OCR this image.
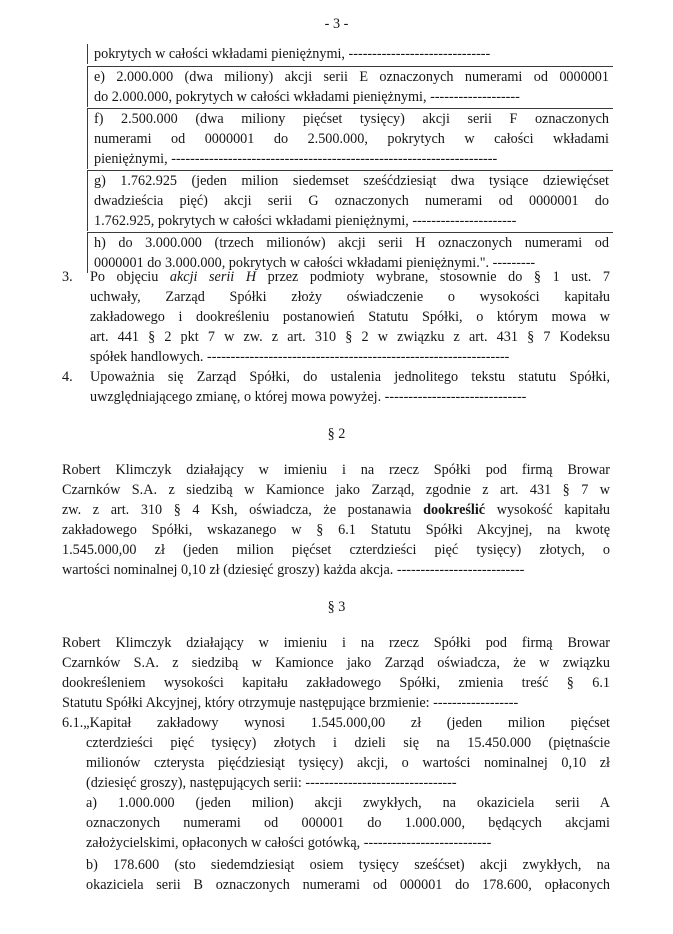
- 3 -
pokrytych w całości wkładami pieniężnymi, ------------------------------
e) 2.000.000 (dwa miliony) akcji serii E oznaczonych numerami od 0000001
do 2.000.000, pokrytych w całości wkładami pieniężnymi, -------------------
f) 2.500.000 (dwa miliony pięćset tysięcy) akcji serii F oznaczonych
numerami od 0000001 do 2.500.000, pokrytych w całości wkładami
pieniężnymi, ---------------------------------------------------------------------
g) 1.762.925 (jeden milion siedemset sześćdziesiąt dwa tysiące dziewięćset
dwadzieścia pięć) akcji serii G oznaczonych numerami od 0000001 do
1.762.925, pokrytych w całości wkładami pieniężnymi, ----------------------
h) do 3.000.000 (trzech milionów) akcji serii H oznaczonych numerami od
0000001 do 3.000.000, pokrytych w całości wkładami pieniężnymi.". ---------
3. Po objęciu akcji serii H przez podmioty wybrane, stosownie do § 1 ust. 7
uchwały, Zarząd Spółki złoży oświadczenie o wysokości kapitału
zakładowego i dookreśleniu postanowień Statutu Spółki, o którym mowa w
art. 441 § 2 pkt 7 w zw. z art. 310 § 2 w związku z art. 431 § 7 Kodeksu
spółek handlowych. ----------------------------------------------------------------
4. Upoważnia się Zarząd Spółki, do ustalenia jednolitego tekstu statutu Spółki,
uwzględniającego zmianę, o której mowa powyżej. ------------------------------
§ 2
Robert Klimczyk działający w imieniu i na rzecz Spółki pod firmą Browar
Czarnków S.A. z siedzibą w Kamionce jako Zarząd, zgodnie z art. 431 § 7 w
zw. z art. 310 § 4 Ksh, oświadcza, że postanawia dookreślić wysokość kapitału
zakładowego Spółki, wskazanego w § 6.1 Statutu Spółki Akcyjnej, na kwotę
1.545.000,00 zł (jeden milion pięćset czterdzieści pięć tysięcy) złotych, o
wartości nominalnej 0,10 zł (dziesięć groszy) każda akcja. ---------------------------
§ 3
Robert Klimczyk działający w imieniu i na rzecz Spółki pod firmą Browar
Czarnków S.A. z siedzibą w Kamionce jako Zarząd oświadcza, że w związku
dookreśleniem wysokości kapitału zakładowego Spółki, zmienia treść § 6.1
Statutu Spółki Akcyjnej, który otrzymuje następujące brzmienie: ------------------
6.1.„Kapitał zakładowy wynosi 1.545.000,00 zł (jeden milion pięćset
czterdzieści pięć tysięcy) złotych i dzieli się na 15.450.000 (piętnaście
milionów czterysta pięćdziesiąt tysięcy) akcji, o wartości nominalnej 0,10 zł
(dziesięć groszy), następujących serii: --------------------------------
a) 1.000.000 (jeden milion) akcji zwykłych, na okaziciela serii A
oznaczonych numerami od 000001 do 1.000.000, będących akcjami
założycielskimi, opłaconych w całości gotówką, ---------------------------
b) 178.600 (sto siedemdziesiąt osiem tysięcy sześćset) akcji zwykłych, na
okaziciela serii B oznaczonych numerami od 000001 do 178.600, opłaconych
